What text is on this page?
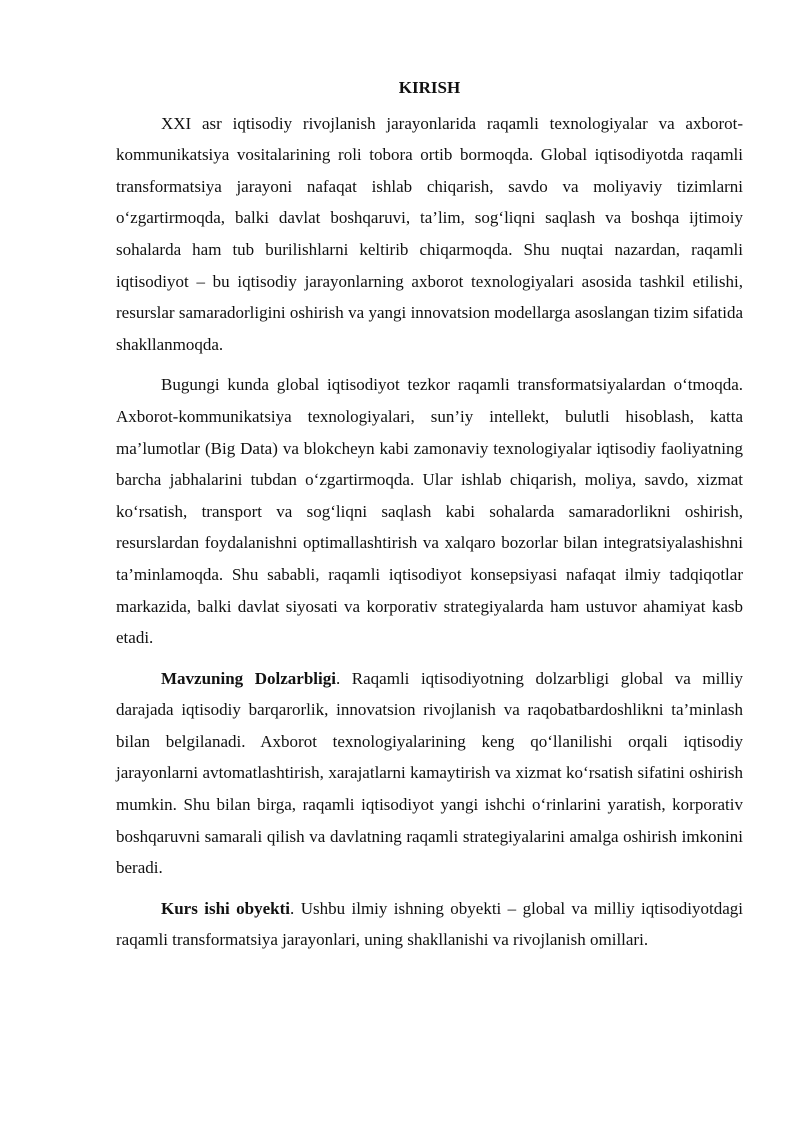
KIRISH

XXI asr iqtisodiy rivojlanish jarayonlarida raqamli texnologiyalar va axborot-kommunikatsiya vositalarining roli tobora ortib bormoqda. Global iqtisodiyotda raqamli transformatsiya jarayoni nafaqat ishlab chiqarish, savdo va moliyaviy tizimlarni o‘zgartirmoqda, balki davlat boshqaruvi, ta’lim, sog‘liqni saqlash va boshqa ijtimoiy sohalarda ham tub burilishlarni keltirib chiqarmoqda. Shu nuqtai nazardan, raqamli iqtisodiyot – bu iqtisodiy jarayonlarning axborot texnologiyalari asosida tashkil etilishi, resurslar samaradorligini oshirish va yangi innovatsion modellarga asoslangan tizim sifatida shakllanmoqda.

Bugungi kunda global iqtisodiyot tezkor raqamli transformatsiyalardan o‘tmoqda. Axborot-kommunikatsiya texnologiyalari, sun’iy intellekt, bulutli hisoblash, katta ma’lumotlar (Big Data) va blokcheyn kabi zamonaviy texnologiyalar iqtisodiy faoliyatning barcha jabhalarini tubdan o‘zgartirmoqda. Ular ishlab chiqarish, moliya, savdo, xizmat ko‘rsatish, transport va sog‘liqni saqlash kabi sohalarda samaradorlikni oshirish, resurslardan foydalanishni optimallashtirish va xalqaro bozorlar bilan integratsiyalashishni ta’minlamoqda. Shu sababli, raqamli iqtisodiyot konsepsiyasi nafaqat ilmiy tadqiqotlar markazida, balki davlat siyosati va korporativ strategiyalarda ham ustuvor ahamiyat kasb etadi.

Mavzuning Dolzarbligi. Raqamli iqtisodiyotning dolzarbligi global va milliy darajada iqtisodiy barqarorlik, innovatsion rivojlanish va raqobatbardoshlikni ta’minlash bilan belgilanadi. Axborot texnologiyalarining keng qo‘llanilishi orqali iqtisodiy jarayonlarni avtomatlashtirish, xarajatlarni kamaytirish va xizmat ko‘rsatish sifatini oshirish mumkin. Shu bilan birga, raqamli iqtisodiyot yangi ishchi o‘rinlarini yaratish, korporativ boshqaruvni samarali qilish va davlatning raqamli strategiyalarini amalga oshirish imkonini beradi.

Kurs ishi obyekti. Ushbu ilmiy ishning obyekti – global va milliy iqtisodiyotdagi raqamli transformatsiya jarayonlari, uning shakllanishi va rivojlanish omillari.
